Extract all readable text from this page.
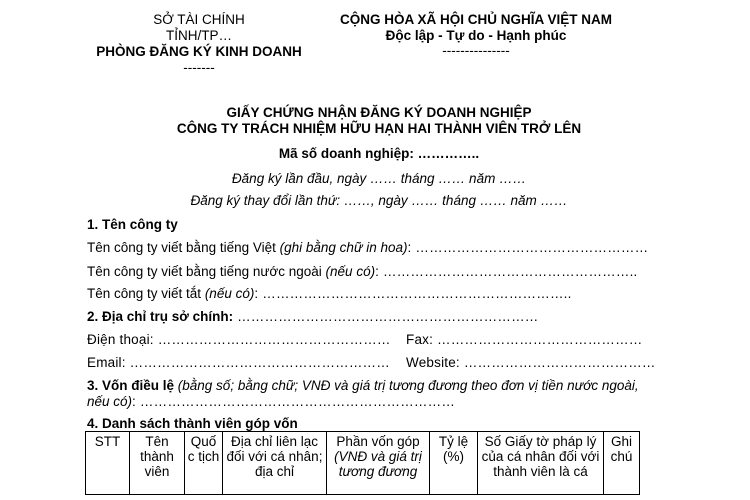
SỞ TÀI CHÍNH
TỈNH/TP…
PHÒNG ĐĂNG KÝ KINH DOANH
-------
CỘNG HÒA XÃ HỘI CHỦ NGHĨA VIỆT NAM
Độc lập - Tự do - Hạnh phúc
---------------
GIẤY CHỨNG NHẬN ĐĂNG KÝ DOANH NGHIỆP
CÔNG TY TRÁCH NHIỆM HỮU HẠN HAI THÀNH VIÊN TRỞ LÊN
Mã số doanh nghiệp: …………..
Đăng ký lần đầu, ngày …… tháng …… năm ……
Đăng ký thay đổi lần thứ: ……, ngày …… tháng …… năm ……
1. Tên công ty
Tên công ty viết bằng tiếng Việt (ghi bằng chữ in hoa): ……………………………………………
Tên công ty viết bằng tiếng nước ngoài (nếu có): ………………………………………………..
Tên công ty viết tắt (nếu có): …………………………………………………………..
2. Địa chỉ trụ sở chính: …………………………………………………………
Điện thoại: …………………………………………… Fax: ………………………………………
Email: ………………………………………………… Website: ……………………………………
3. Vốn điều lệ (bằng số; bằng chữ; VNĐ và giá trị tương đương theo đơn vị tiền nước ngoài,
nếu có): ……………………………………………………………
4. Danh sách thành viên góp vốn
STT	Tên thành viên	Quố c tịch	Địa chỉ liên lạc đối với cá nhân; địa chỉ	Phần vốn góp (VNĐ và giá trị tương đương	Tỷ lệ (%)	Số Giấy tờ pháp lý của cá nhân đối với thành viên là cá	Ghi chú
